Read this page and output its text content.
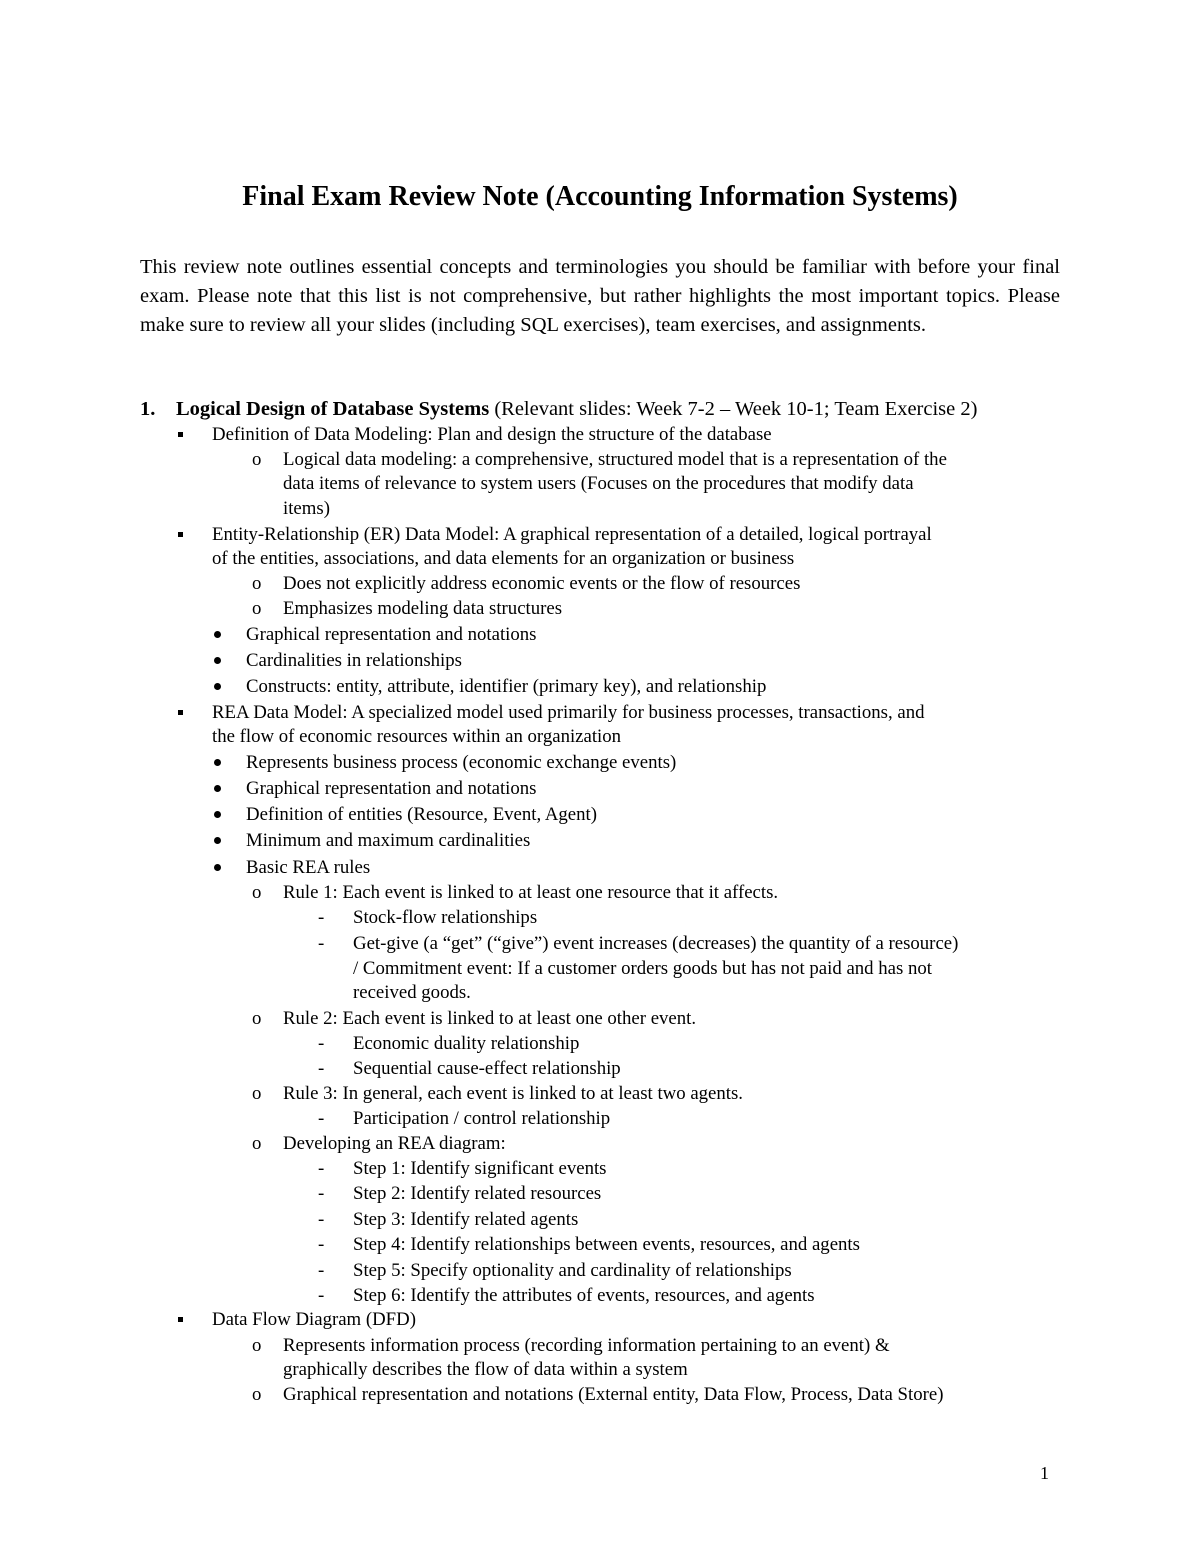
Final Exam Review Note (Accounting Information Systems)
This review note outlines essential concepts and terminologies you should be familiar with before your final exam. Please note that this list is not comprehensive, but rather highlights the most important topics. Please make sure to review all your slides (including SQL exercises), team exercises, and assignments.
1. Logical Design of Database Systems (Relevant slides: Week 7-2 – Week 10-1; Team Exercise 2)
Definition of Data Modeling: Plan and design the structure of the database
o Logical data modeling: a comprehensive, structured model that is a representation of the
data items of relevance to system users (Focuses on the procedures that modify data
items)
Entity-Relationship (ER) Data Model: A graphical representation of a detailed, logical portrayal
of the entities, associations, and data elements for an organization or business
o Does not explicitly address economic events or the flow of resources
o Emphasizes modeling data structures
Graphical representation and notations
Cardinalities in relationships
Constructs: entity, attribute, identifier (primary key), and relationship
REA Data Model: A specialized model used primarily for business processes, transactions, and
the flow of economic resources within an organization
Represents business process (economic exchange events)
Graphical representation and notations
Definition of entities (Resource, Event, Agent)
Minimum and maximum cardinalities
Basic REA rules
o Rule 1: Each event is linked to at least one resource that it affects.
- Stock-flow relationships
- Get-give (a “get” (“give”) event increases (decreases) the quantity of a resource)
/ Commitment event: If a customer orders goods but has not paid and has not
received goods.
o Rule 2: Each event is linked to at least one other event.
- Economic duality relationship
- Sequential cause-effect relationship
o Rule 3: In general, each event is linked to at least two agents.
- Participation / control relationship
o Developing an REA diagram:
- Step 1: Identify significant events
- Step 2: Identify related resources
- Step 3: Identify related agents
- Step 4: Identify relationships between events, resources, and agents
- Step 5: Specify optionality and cardinality of relationships
- Step 6: Identify the attributes of events, resources, and agents
Data Flow Diagram (DFD)
o Represents information process (recording information pertaining to an event) &
graphically describes the flow of data within a system
o Graphical representation and notations (External entity, Data Flow, Process, Data Store)
1
